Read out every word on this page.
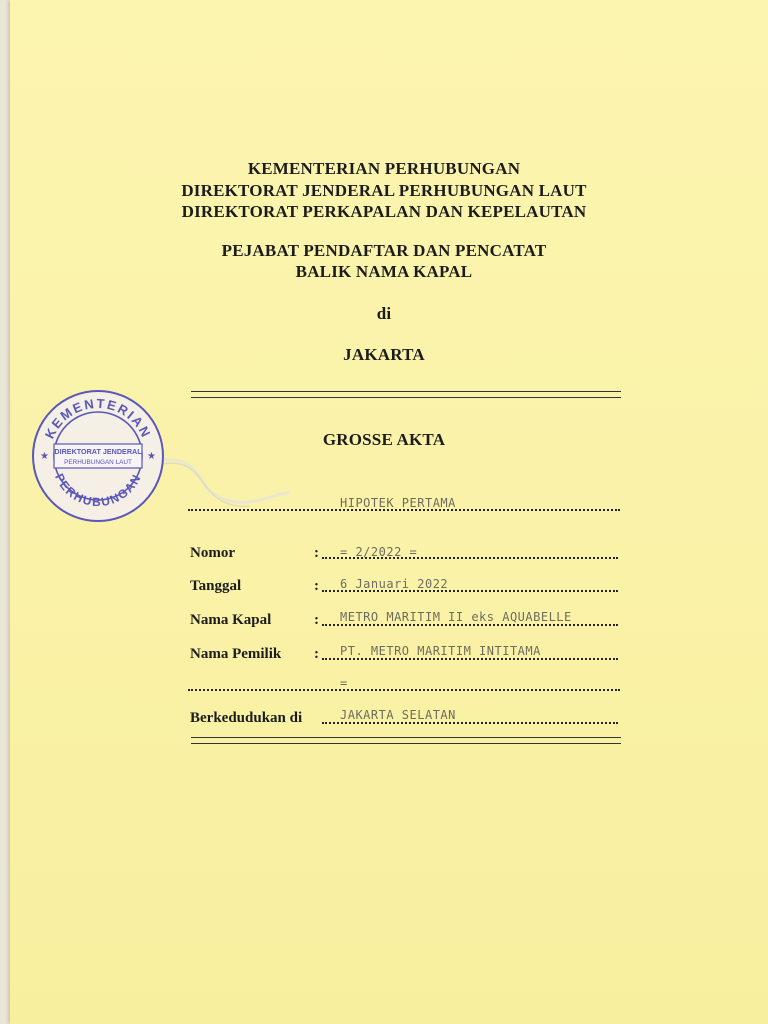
KEMENTERIAN PERHUBUNGAN

DIREKTORAT JENDERAL PERHUBUNGAN LAUT

DIREKTORAT PERKAPALAN DAN KEPELAUTAN

PEJABAT PENDAFTAR DAN PENCATAT

BALIK NAMA KAPAL

di

JAKARTA

GROSSE AKTA

HIPOTEK PERTAMA

Nomor	: = 2/2022 =

Tanggal	: 6 Januari 2022

Nama Kapal	: METRO MARITIM II eks AQUABELLE

Nama Pemilik : PT. METRO MARITIM INTITAMA

=

Berkedudukan di	JAKARTA SELATAN

KEMENTERIAN
PERHUBUNGAN
★	★
DIREKTORAT JENDERAL
PERHUBUNGAN LAUT
